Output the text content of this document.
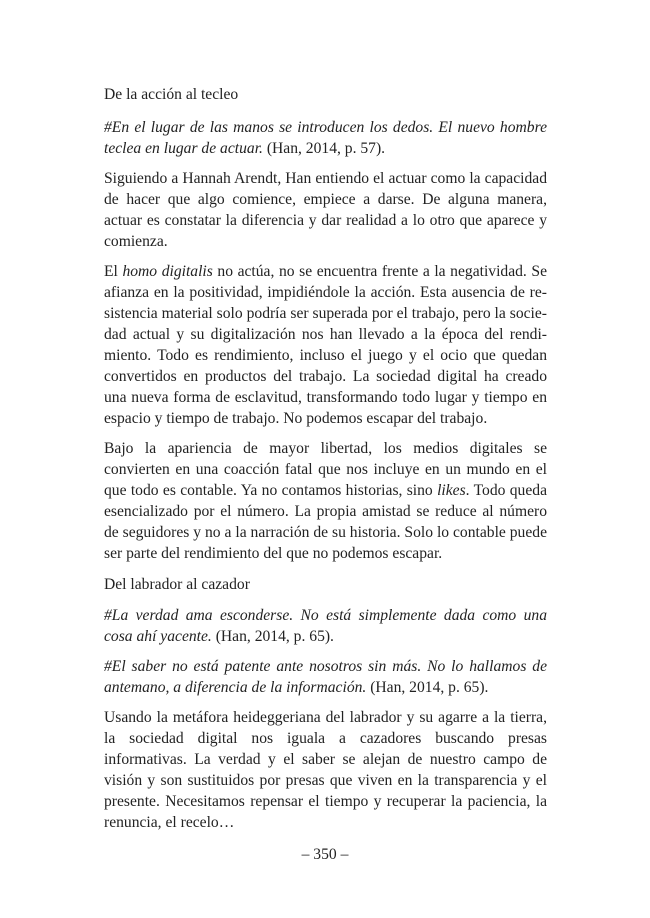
De la acción al tecleo

#En el lugar de las manos se introducen los dedos. El nuevo hombre teclea en lugar de actuar. (Han, 2014, p. 57).

Siguiendo a Hannah Arendt, Han entiendo el actuar como la capacidad de hacer que algo comience, empiece a darse. De alguna manera, actuar es constatar la diferencia y dar realidad a lo otro que aparece y comienza.

El homo digitalis no actúa, no se encuentra frente a la negatividad. Se afianza en la positividad, impidiéndole la acción. Esta ausencia de resistencia material solo podría ser superada por el trabajo, pero la sociedad actual y su digitalización nos han llevado a la época del rendimiento. Todo es rendimiento, incluso el juego y el ocio que quedan convertidos en productos del trabajo. La sociedad digital ha creado una nueva forma de esclavitud, transformando todo lugar y tiempo en espacio y tiempo de trabajo. No podemos escapar del trabajo.

Bajo la apariencia de mayor libertad, los medios digitales se convierten en una coacción fatal que nos incluye en un mundo en el que todo es contable. Ya no contamos historias, sino likes. Todo queda esencializado por el número. La propia amistad se reduce al número de seguidores y no a la narración de su historia. Solo lo contable puede ser parte del rendimiento del que no podemos escapar.

Del labrador al cazador

#La verdad ama esconderse. No está simplemente dada como una cosa ahí yacente. (Han, 2014, p. 65).

#El saber no está patente ante nosotros sin más. No lo hallamos de antemano, a diferencia de la información. (Han, 2014, p. 65).

Usando la metáfora heideggeriana del labrador y su agarre a la tierra, la sociedad digital nos iguala a cazadores buscando presas informativas. La verdad y el saber se alejan de nuestro campo de visión y son sustituidos por presas que viven en la transparencia y el presente. Necesitamos repensar el tiempo y recuperar la paciencia, la renuncia, el recelo…

– 350 –
